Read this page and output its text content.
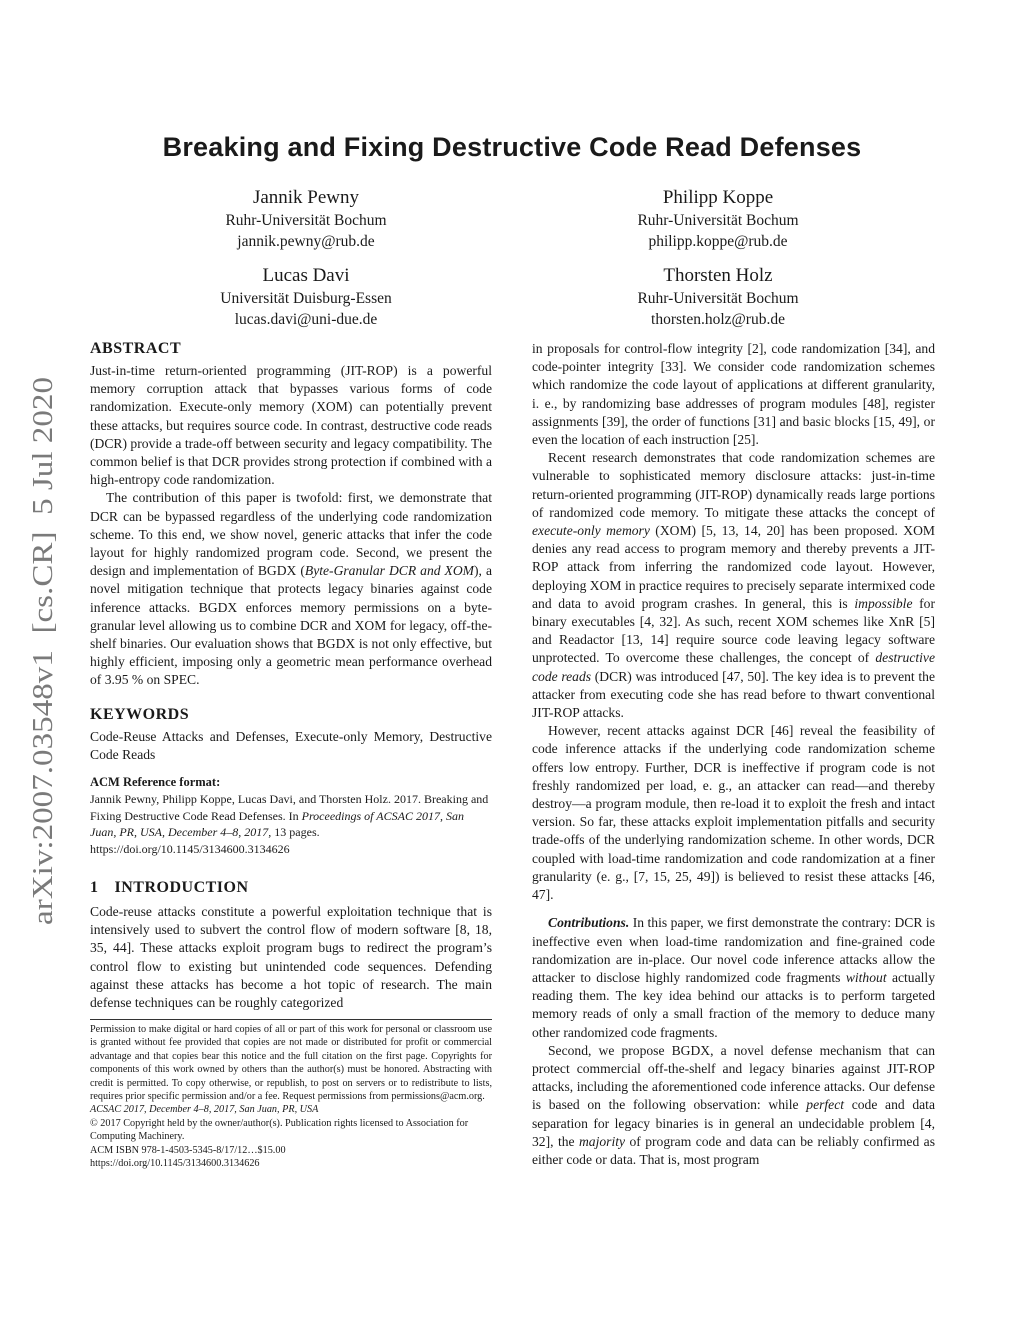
arXiv:2007.03548v1  [cs.CR]  5 Jul 2020
Breaking and Fixing Destructive Code Read Defenses
Jannik Pewny
Ruhr-Universität Bochum
jannik.pewny@rub.de
Philipp Koppe
Ruhr-Universität Bochum
philipp.koppe@rub.de
Lucas Davi
Universität Duisburg-Essen
lucas.davi@uni-due.de
Thorsten Holz
Ruhr-Universität Bochum
thorsten.holz@rub.de
ABSTRACT

Just-in-time return-oriented programming (JIT-ROP) is a powerful memory corruption attack that bypasses various forms of code randomization. Execute-only memory (XOM) can potentially prevent these attacks, but requires source code. In contrast, destructive code reads (DCR) provide a trade-off between security and legacy compatibility. The common belief is that DCR provides strong protection if combined with a high-entropy code randomization.

The contribution of this paper is twofold: first, we demonstrate that DCR can be bypassed regardless of the underlying code randomization scheme. To this end, we show novel, generic attacks that infer the code layout for highly randomized program code. Second, we present the design and implementation of BGDX (Byte-Granular DCR and XOM), a novel mitigation technique that protects legacy binaries against code inference attacks. BGDX enforces memory permissions on a byte-granular level allowing us to combine DCR and XOM for legacy, off-the-shelf binaries. Our evaluation shows that BGDX is not only effective, but highly efficient, imposing only a geometric mean performance overhead of 3.95 % on SPEC.

KEYWORDS

Code-Reuse Attacks and Defenses, Execute-only Memory, Destructive Code Reads

ACM Reference format:

Jannik Pewny, Philipp Koppe, Lucas Davi, and Thorsten Holz. 2017. Breaking and Fixing Destructive Code Read Defenses. In Proceedings of ACSAC 2017, San Juan, PR, USA, December 4–8, 2017, 13 pages.
https://doi.org/10.1145/3134600.3134626

1 INTRODUCTION

Code-reuse attacks constitute a powerful exploitation technique that is intensively used to subvert the control flow of modern software [8, 18, 35, 44]. These attacks exploit program bugs to redirect the program’s control flow to existing but unintended code sequences. Defending against these attacks has become a hot topic of research. The main defense techniques can be roughly categorized

Permission to make digital or hard copies of all or part of this work for personal or classroom use is granted without fee provided that copies are not made or distributed for profit or commercial advantage and that copies bear this notice and the full citation on the first page. Copyrights for components of this work owned by others than the author(s) must be honored. Abstracting with credit is permitted. To copy otherwise, or republish, to post on servers or to redistribute to lists, requires prior specific permission and/or a fee. Request permissions from permissions@acm.org.

ACSAC 2017, December 4–8, 2017, San Juan, PR, USA

© 2017 Copyright held by the owner/author(s). Publication rights licensed to Association for Computing Machinery.

ACM ISBN 978-1-4503-5345-8/17/12…$15.00

https://doi.org/10.1145/3134600.3134626

in proposals for control-flow integrity [2], code randomization [34], and code-pointer integrity [33]. We consider code randomization schemes which randomize the code layout of applications at different granularity, i. e., by randomizing base addresses of program modules [48], register assignments [39], the order of functions [31] and basic blocks [15, 49], or even the location of each instruction [25].

Recent research demonstrates that code randomization schemes are vulnerable to sophisticated memory disclosure attacks: just-in-time return-oriented programming (JIT-ROP) dynamically reads large portions of randomized code memory. To mitigate these attacks the concept of execute-only memory (XOM) [5, 13, 14, 20] has been proposed. XOM denies any read access to program memory and thereby prevents a JIT-ROP attack from inferring the randomized code layout. However, deploying XOM in practice requires to precisely separate intermixed code and data to avoid program crashes. In general, this is impossible for binary executables [4, 32]. As such, recent XOM schemes like XnR [5] and Readactor [13, 14] require source code leaving legacy software unprotected. To overcome these challenges, the concept of destructive code reads (DCR) was introduced [47, 50]. The key idea is to prevent the attacker from executing code she has read before to thwart conventional JIT-ROP attacks.

However, recent attacks against DCR [46] reveal the feasibility of code inference attacks if the underlying code randomization scheme offers low entropy. Further, DCR is ineffective if program code is not freshly randomized per load, e. g., an attacker can read—and thereby destroy—a program module, then re-load it to exploit the fresh and intact version. So far, these attacks exploit implementation pitfalls and security trade-offs of the underlying randomization scheme. In other words, DCR coupled with load-time randomization and code randomization at a finer granularity (e. g., [7, 15, 25, 49]) is believed to resist these attacks [46, 47].

Contributions. In this paper, we first demonstrate the contrary: DCR is ineffective even when load-time randomization and fine-grained code randomization are in-place. Our novel code inference attacks allow the attacker to disclose highly randomized code fragments without actually reading them. The key idea behind our attacks is to perform targeted memory reads of only a small fraction of the memory to deduce many other randomized code fragments.

Second, we propose BGDX, a novel defense mechanism that can protect commercial off-the-shelf and legacy binaries against JIT-ROP attacks, including the aforementioned code inference attacks. Our defense is based on the following observation: while perfect code and data separation for legacy binaries is in general an undecidable problem [4, 32], the majority of program code and data can be reliably confirmed as either code or data. That is, most program
